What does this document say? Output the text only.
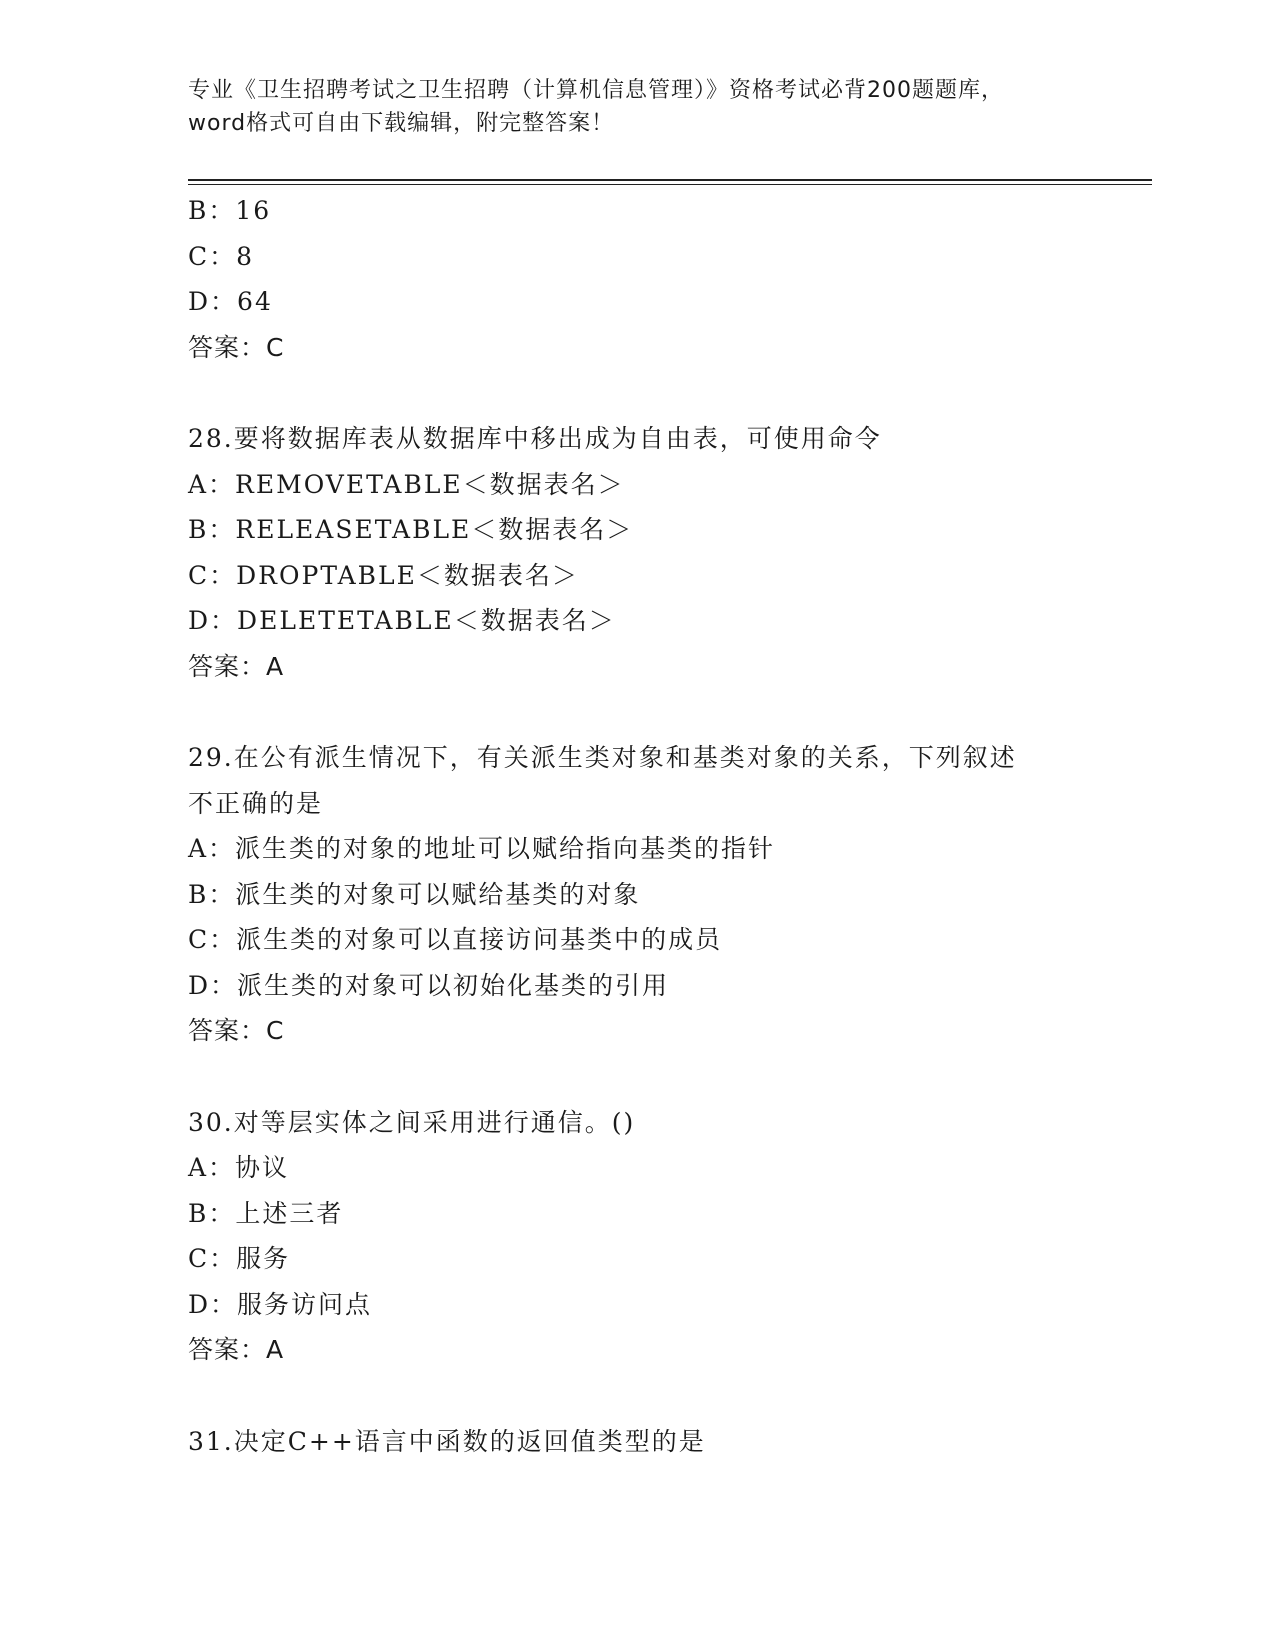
专业《卫生招聘考试之卫生招聘（计算机信息管理）》资格考试必背200题题库，
word格式可自由下载编辑，附完整答案！
B：16
C：8
D：64
答案：C
28.要将数据库表从数据库中移出成为自由表，可使用命令
A：REMOVETABLE＜数据表名＞
B：RELEASETABLE＜数据表名＞
C：DROPTABLE＜数据表名＞
D：DELETETABLE＜数据表名＞
答案：A
29.在公有派生情况下，有关派生类对象和基类对象的关系，下列叙述
不正确的是
A：派生类的对象的地址可以赋给指向基类的指针
B：派生类的对象可以赋给基类的对象
C：派生类的对象可以直接访问基类中的成员
D：派生类的对象可以初始化基类的引用
答案：C
30.对等层实体之间采用进行通信。()
A：协议
B：上述三者
C：服务
D：服务访问点
答案：A
31.决定C++语言中函数的返回值类型的是
